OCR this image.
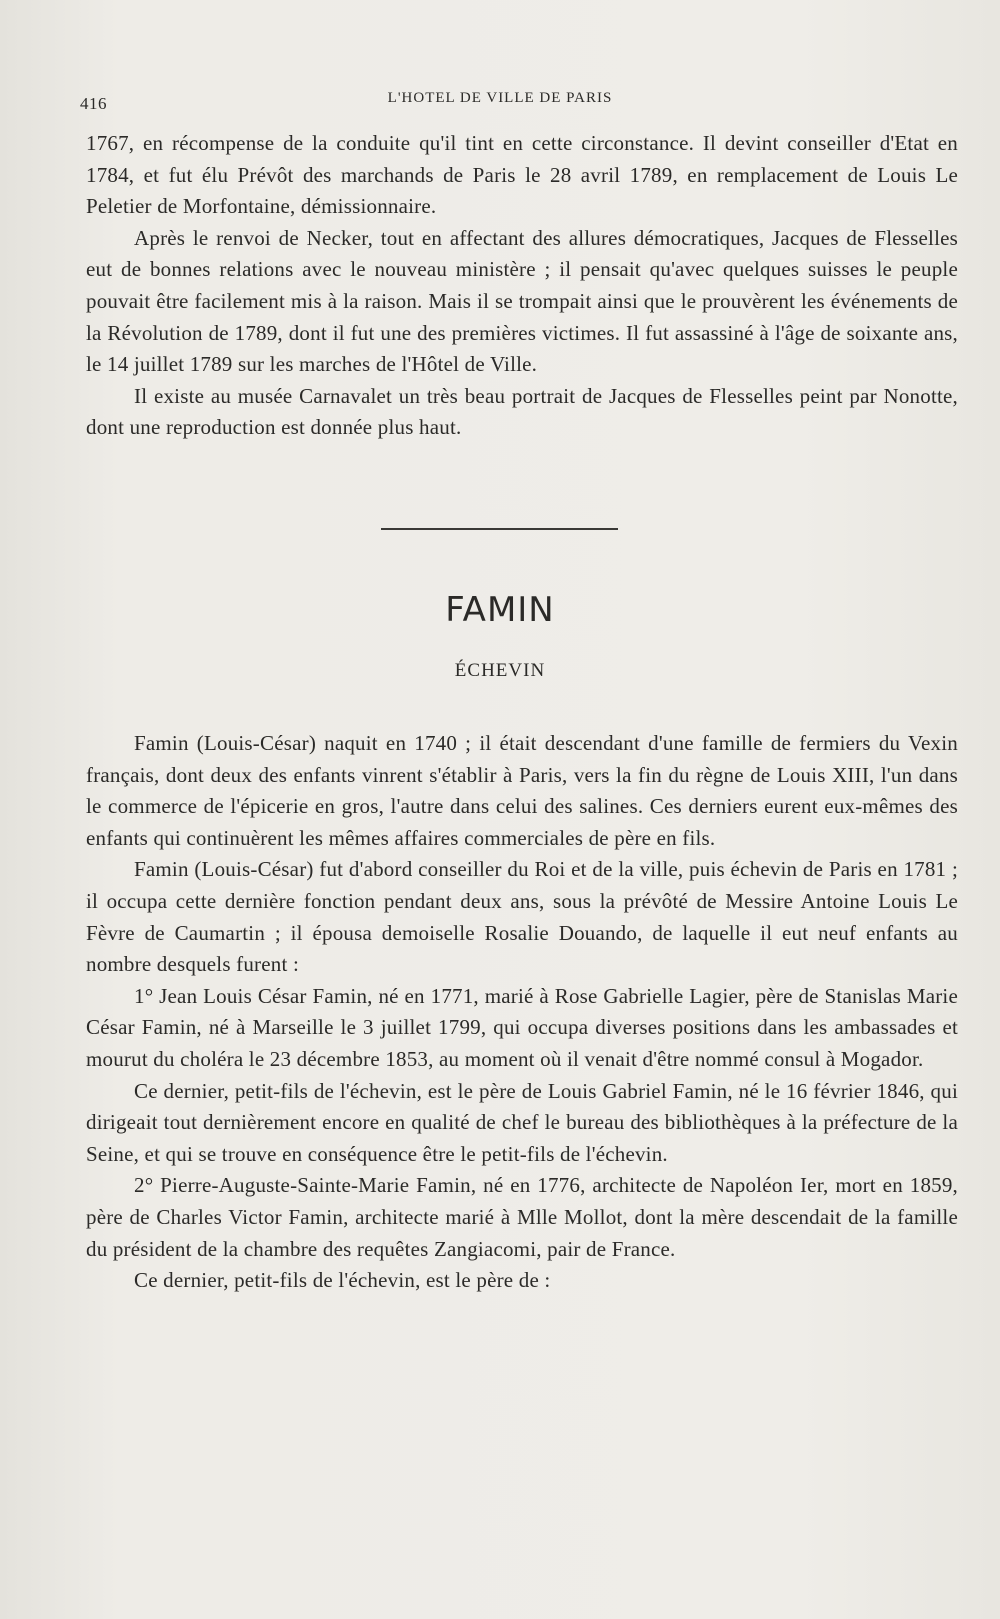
416	L'HOTEL DE VILLE DE PARIS

1767, en récompense de la conduite qu'il tint en cette circonstance. Il devint conseiller d'Etat en 1784, et fut élu Prévôt des marchands de Paris le 28 avril 1789, en remplacement de Louis Le Peletier de Morfontaine, démissionnaire.

Après le renvoi de Necker, tout en affectant des allures démocratiques, Jacques de Flesselles eut de bonnes relations avec le nouveau ministère ; il pensait qu'avec quelques suisses le peuple pouvait être facilement mis à la raison. Mais il se trompait ainsi que le prouvèrent les événements de la Révolution de 1789, dont il fut une des premières victimes. Il fut assassiné à l'âge de soixante ans, le 14 juillet 1789 sur les marches de l'Hôtel de Ville.

Il existe au musée Carnavalet un très beau portrait de Jacques de Flesselles peint par Nonotte, dont une reproduction est donnée plus haut.

FAMIN
ÉCHEVIN

Famin (Louis-César) naquit en 1740 ; il était descendant d'une famille de fermiers du Vexin français, dont deux des enfants vinrent s'établir à Paris, vers la fin du règne de Louis XIII, l'un dans le commerce de l'épicerie en gros, l'autre dans celui des salines. Ces derniers eurent eux-mêmes des enfants qui continuèrent les mêmes affaires commerciales de père en fils.

Famin (Louis-César) fut d'abord conseiller du Roi et de la ville, puis échevin de Paris en 1781 ; il occupa cette dernière fonction pendant deux ans, sous la prévôté de Messire Antoine Louis Le Fèvre de Caumartin ; il épousa demoiselle Rosalie Douando, de laquelle il eut neuf enfants au nombre desquels furent :

1° Jean Louis César Famin, né en 1771, marié à Rose Gabrielle Lagier, père de Stanislas Marie César Famin, né à Marseille le 3 juillet 1799, qui occupa diverses positions dans les ambassades et mourut du choléra le 23 décembre 1853, au moment où il venait d'être nommé consul à Mogador.

Ce dernier, petit-fils de l'échevin, est le père de Louis Gabriel Famin, né le 16 février 1846, qui dirigeait tout dernièrement encore en qualité de chef le bureau des bibliothèques à la préfecture de la Seine, et qui se trouve en conséquence être le petit-fils de l'échevin.

2° Pierre-Auguste-Sainte-Marie Famin, né en 1776, architecte de Napoléon Ier, mort en 1859, père de Charles Victor Famin, architecte marié à Mlle Mollot, dont la mère descendait de la famille du président de la chambre des requêtes Zangiacomi, pair de France.

Ce dernier, petit-fils de l'échevin, est le père de :
